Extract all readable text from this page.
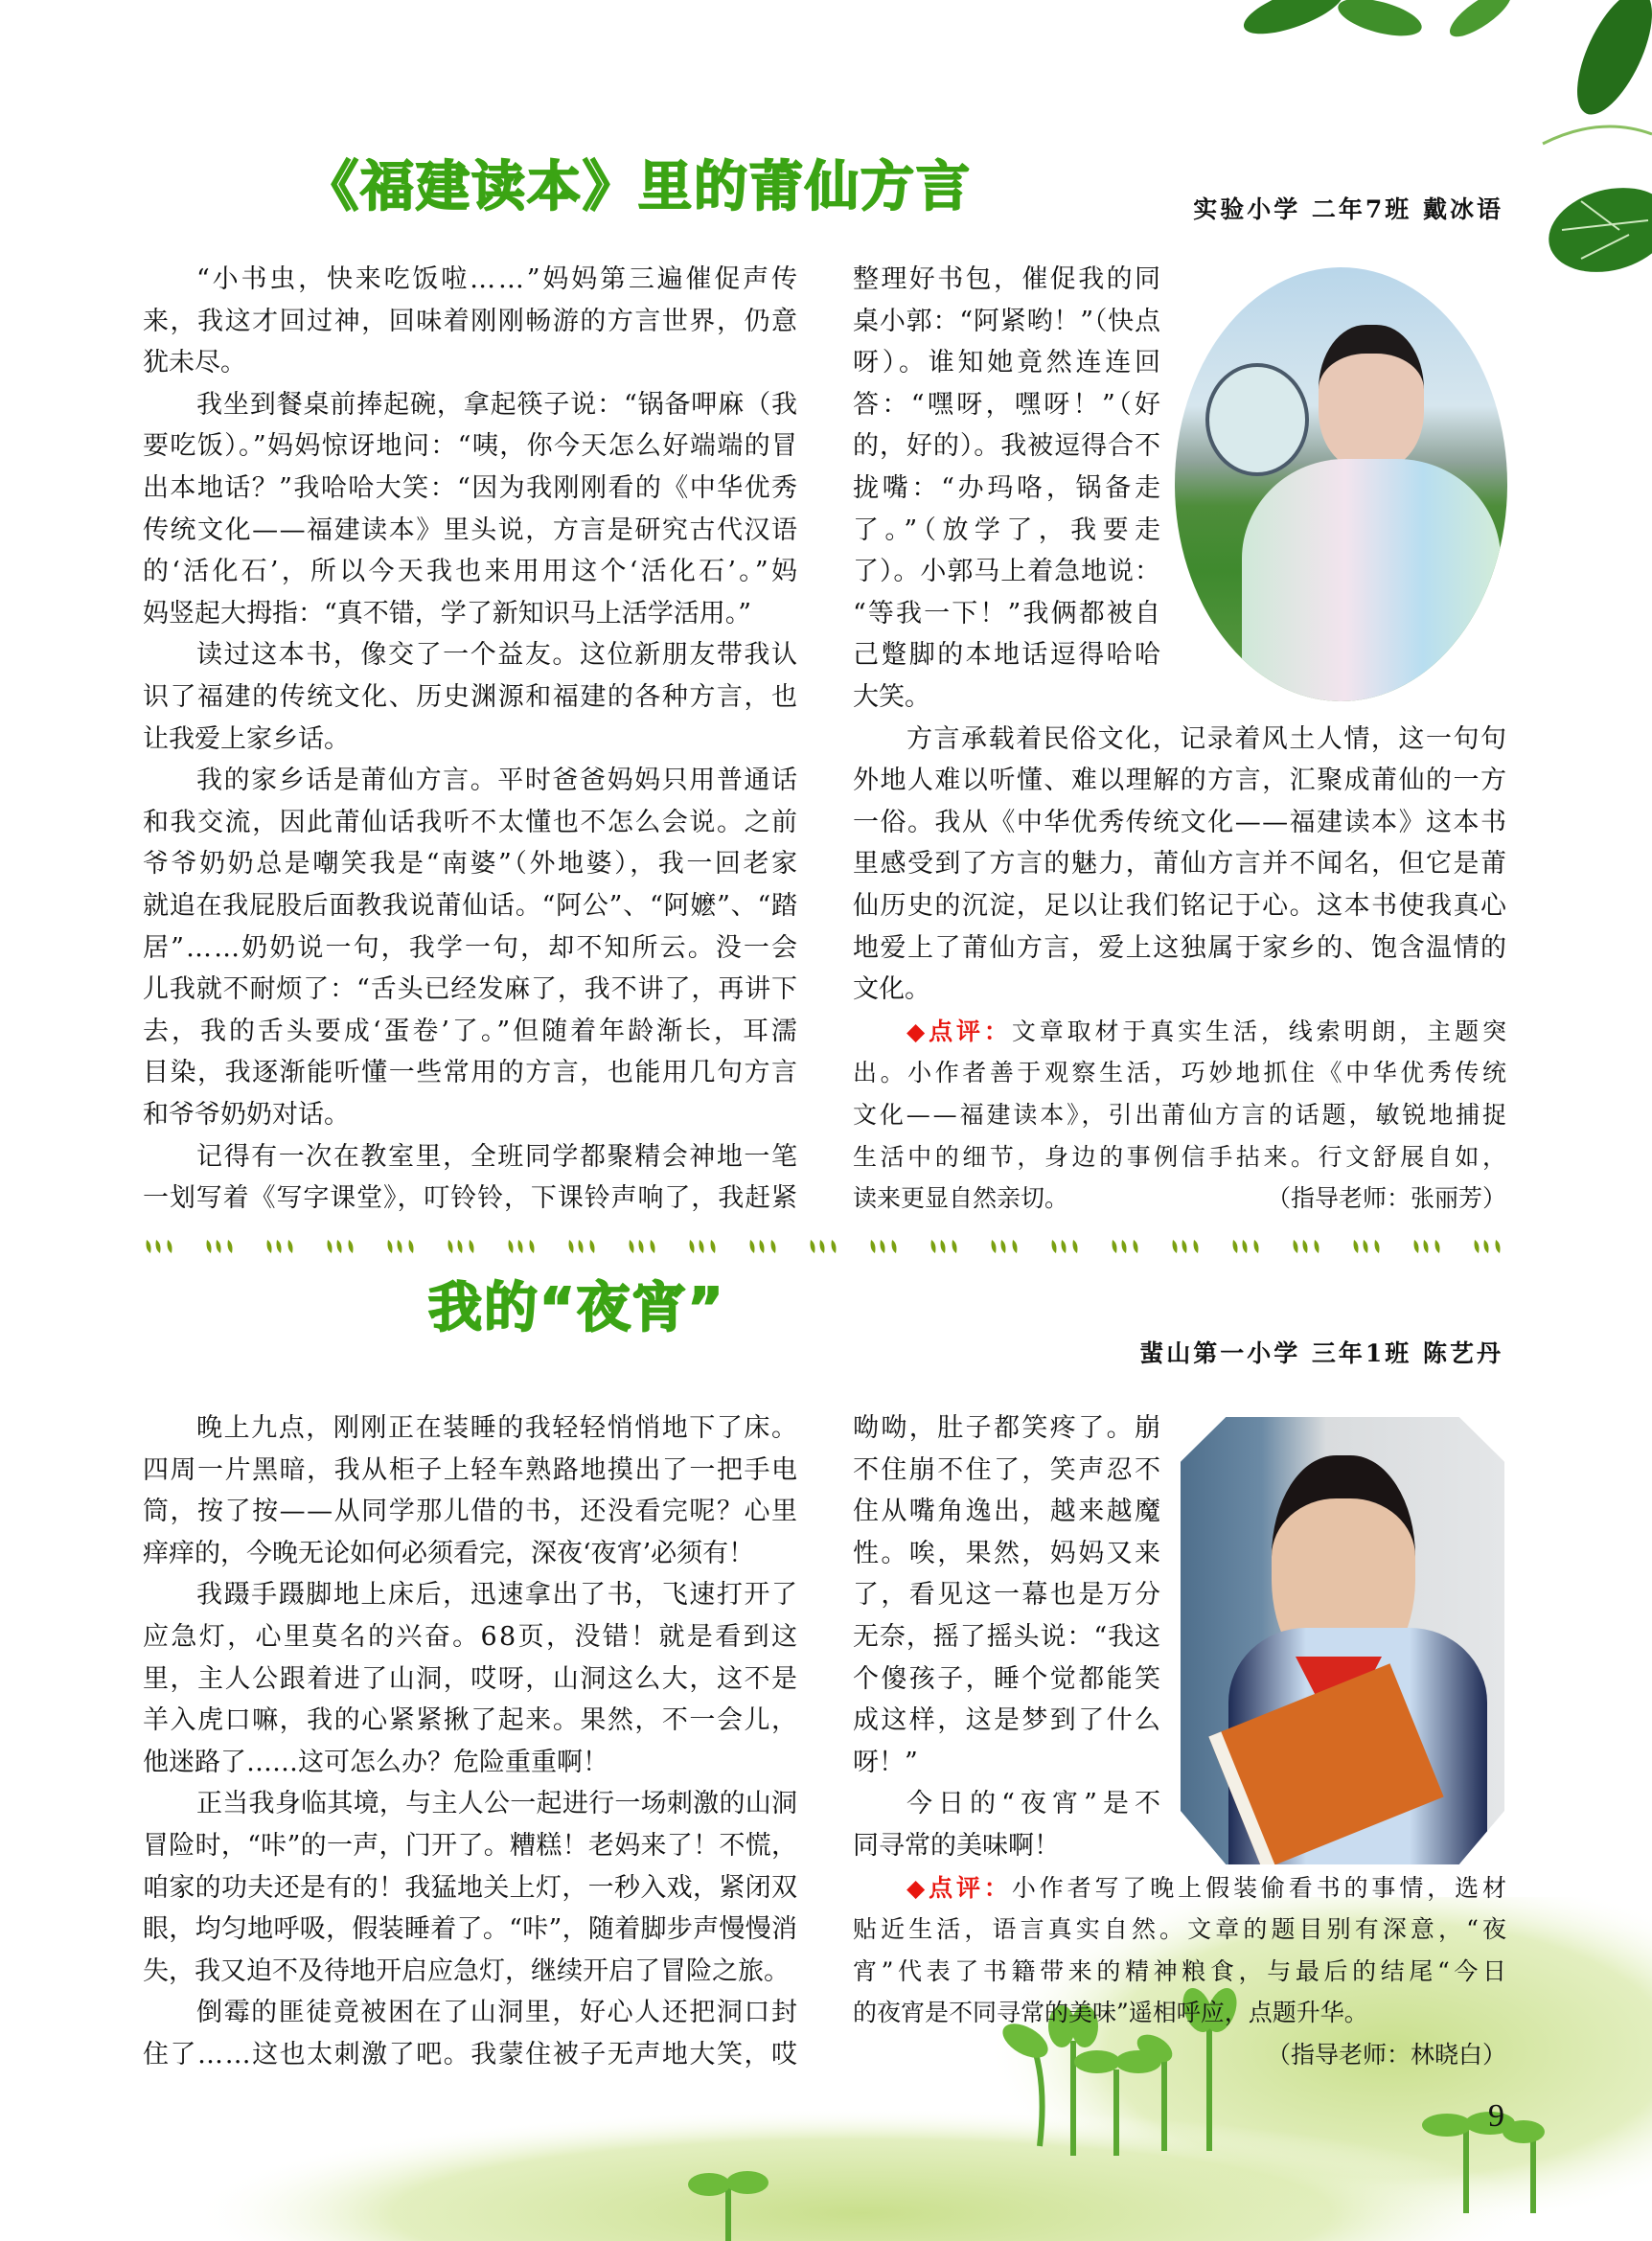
《福建读本》里的莆仙方言	实验小学 二年7班 戴冰语
“小书虫，快来吃饭啦……”妈妈第三遍催促声传
来，我这才回过神，回味着刚刚畅游的方言世界，仍意
犹未尽。
我坐到餐桌前捧起碗，拿起筷子说：“锅备呷麻（我
要吃饭）。”妈妈惊讶地问：“咦，你今天怎么好端端的冒
出本地话？”我哈哈大笑：“因为我刚刚看的《中华优秀
传统文化——福建读本》里头说，方言是研究古代汉语
的‘活化石’，所以今天我也来用用这个‘活化石’。”妈
妈竖起大拇指：“真不错，学了新知识马上活学活用。”
读过这本书，像交了一个益友。这位新朋友带我认
识了福建的传统文化、历史渊源和福建的各种方言，也
让我爱上家乡话。
我的家乡话是莆仙方言。平时爸爸妈妈只用普通话
和我交流，因此莆仙话我听不太懂也不怎么会说。之前
爷爷奶奶总是嘲笑我是“南婆”（外地婆），我一回老家
就追在我屁股后面教我说莆仙话。“阿公”、“阿嬷”、“踏
居”……奶奶说一句，我学一句，却不知所云。没一会
儿我就不耐烦了：“舌头已经发麻了，我不讲了，再讲下
去，我的舌头要成‘蛋卷’了。”但随着年龄渐长，耳濡
目染，我逐渐能听懂一些常用的方言，也能用几句方言
和爷爷奶奶对话。
记得有一次在教室里，全班同学都聚精会神地一笔
一划写着《写字课堂》，叮铃铃，下课铃声响了，我赶紧
整理好书包，催促我的同
桌小郭：“阿紧哟！”（快点
呀）。谁知她竟然连连回
答：“嘿呀，嘿呀！”（好
的，好的）。我被逗得合不
拢嘴：“办玛咯，锅备走
了。”（放学了，我要走
了）。小郭马上着急地说：
“等我一下！”我俩都被自
己蹩脚的本地话逗得哈哈
大笑。
方言承载着民俗文化，记录着风土人情，这一句句
外地人难以听懂、难以理解的方言，汇聚成莆仙的一方
一俗。我从《中华优秀传统文化——福建读本》这本书
里感受到了方言的魅力，莆仙方言并不闻名，但它是莆
仙历史的沉淀，足以让我们铭记于心。这本书使我真心
地爱上了莆仙方言，爱上这独属于家乡的、饱含温情的
文化。
◆点评：文章取材于真实生活，线索明朗，主题突
出。小作者善于观察生活，巧妙地抓住《中华优秀传统
文化——福建读本》，引出莆仙方言的话题，敏锐地捕捉
生活中的细节，身边的事例信手拈来。行文舒展自如，
读来更显自然亲切。	（指导老师：张丽芳）
我的“夜宵”
蜚山第一小学 三年1班 陈艺丹
晚上九点，刚刚正在装睡的我轻轻悄悄地下了床。
四周一片黑暗，我从柜子上轻车熟路地摸出了一把手电
筒，按了按——从同学那儿借的书，还没看完呢？心里
痒痒的，今晚无论如何必须看完，深夜‘夜宵’必须有！
我蹑手蹑脚地上床后，迅速拿出了书，飞速打开了
应急灯，心里莫名的兴奋。68页，没错！就是看到这
里，主人公跟着进了山洞，哎呀，山洞这么大，这不是
羊入虎口嘛，我的心紧紧揪了起来。果然，不一会儿，
他迷路了……这可怎么办？危险重重啊！
正当我身临其境，与主人公一起进行一场刺激的山洞
冒险时，“咔”的一声，门开了。糟糕！老妈来了！不慌，
咱家的功夫还是有的！我猛地关上灯，一秒入戏，紧闭双
眼，均匀地呼吸，假装睡着了。“咔”，随着脚步声慢慢消
失，我又迫不及待地开启应急灯，继续开启了冒险之旅。
倒霉的匪徒竟被困在了山洞里，好心人还把洞口封
住了……这也太刺激了吧。我蒙住被子无声地大笑，哎
呦呦，肚子都笑疼了。崩
不住崩不住了，笑声忍不
住从嘴角逸出，越来越魔
性。唉，果然，妈妈又来
了，看见这一幕也是万分
无奈，摇了摇头说：“我这
个傻孩子，睡个觉都能笑
成这样，这是梦到了什么
呀！”
今日的“夜宵”是不
同寻常的美味啊！
◆点评：小作者写了晚上假装偷看书的事情，选材
贴近生活，语言真实自然。文章的题目别有深意，“夜
宵”代表了书籍带来的精神粮食，与最后的结尾“今日
的夜宵是不同寻常的美味”遥相呼应，点题升华。
（指导老师：林晓白）
9
